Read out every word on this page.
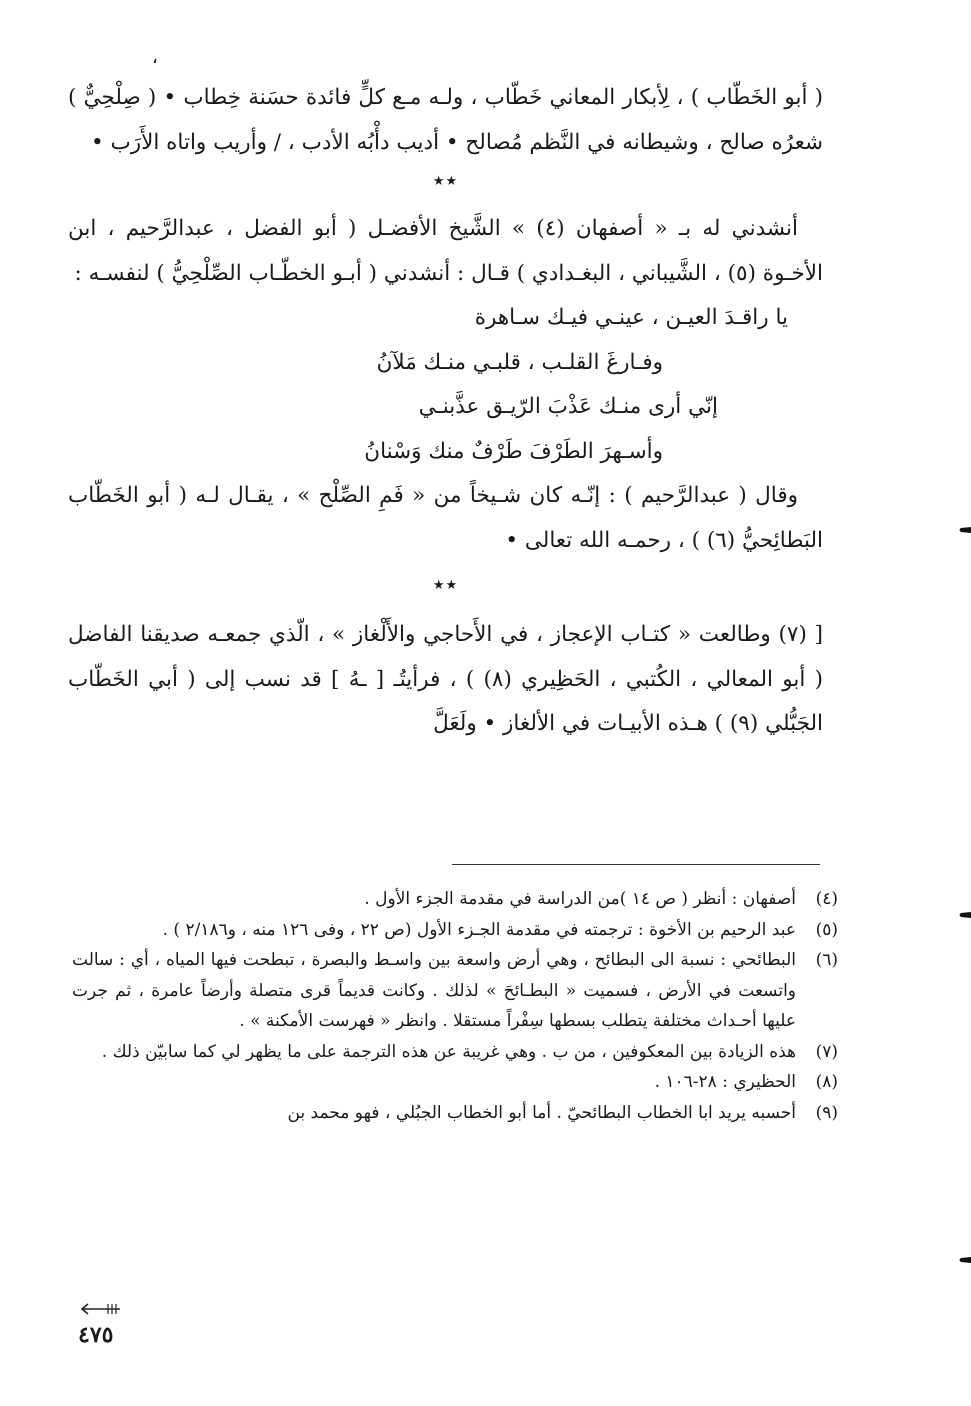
،

( أبو الخَطّاب ) ، لِأبكار المعاني خَطّاب ، ولـه مـع كلٍّ فائدة حسَنة خِطاب • ( صِلْحِيٌّ ) شعرُه صالح ، وشيطانه في النَّظم مُصالح • أديب دأْبُه الأدب ، / وأريب واتاه الأَرَب •

★★

أنشدني له بـ « أصفهان (٤) » الشَّيخ الأفضـل ( أبو الفضل ، عبدالرَّحيم ، ابن الأخـوة (٥) ، الشَّيباني ، البغـدادي ) قـال : أنشدني ( أبـو الخطّـاب الصِّلْحِيُّ ) لنفسـه :

يا راقـدَ العيـن ، عينـي فيـك سـاهرة

وفـارغَ القلـب ، قلبـي منـك مَلآنُ

إنّي أرى منـك عَذْبَ الرّيـق عذَّبنـي

وأسـهرَ الطَرْفَ طَرْفٌ منك وَسْنانُ

وقال ( عبدالرَّحيم ) : إنّـه كان شـيخاً من « فَمِ الصِّلْح » ، يقـال لـه ( أبو الخَطّاب البَطائِحيُّ (٦) ) ، رحمـه الله تعالى •

★★

[ (٧) وطالعت « كتـاب الإعجاز ، في الأَحاجي والأَلْغاز » ، الّذي جمعـه صديقنا الفاضل ( أبو المعالي ، الكُتبي ، الحَظِيري (٨) ) ، فرأيتُـ [ ـهُ ] قد نسب إلى ( أبي الخَطّاب الجَبُّلي (٩) ) هـذه الأبيـات في الألغاز • ولَعَلَّ

(٤)
أصفهان : أنظر ( ص ١٤ )من الدراسة في مقدمة الجزء الأول .
(٥)
عبد الرحيم بن الأخوة : ترجمته في مقدمة الجـزء الأول (ص ٢٢ ، وفى ١٢٦ منه ، و٢/١٨٦ ) .
(٦)
البطائحي : نسبة الى البطائح ، وهي أرض واسعة بين واسـط والبصرة ، تبطحت فيها المياه ، أي : سالت واتسعت في الأرض ، فسميت « البطـائحَ » لذلك . وكانت قديماً قرى متصلة وأرضاً عامرة ، ثم جرت عليها أحـداث مختلفة يتطلب بسطها سِفْراً مستقلا . وانظر « فهرست الأمكنة » .
(٧)
هذه الزيادة بين المعكوفين ، من ب . وهي غريبة عن هذه الترجمة على ما يظهر لي كما سابيّن ذلك .
(٨)
الحظيري : ٢٨-١٠٦ .
(٩)
أحسبه يريد ابا الخطاب البطائحيّ . أما أبو الخطاب الجبُلي ، فهو محمد بن
٤٧٥
